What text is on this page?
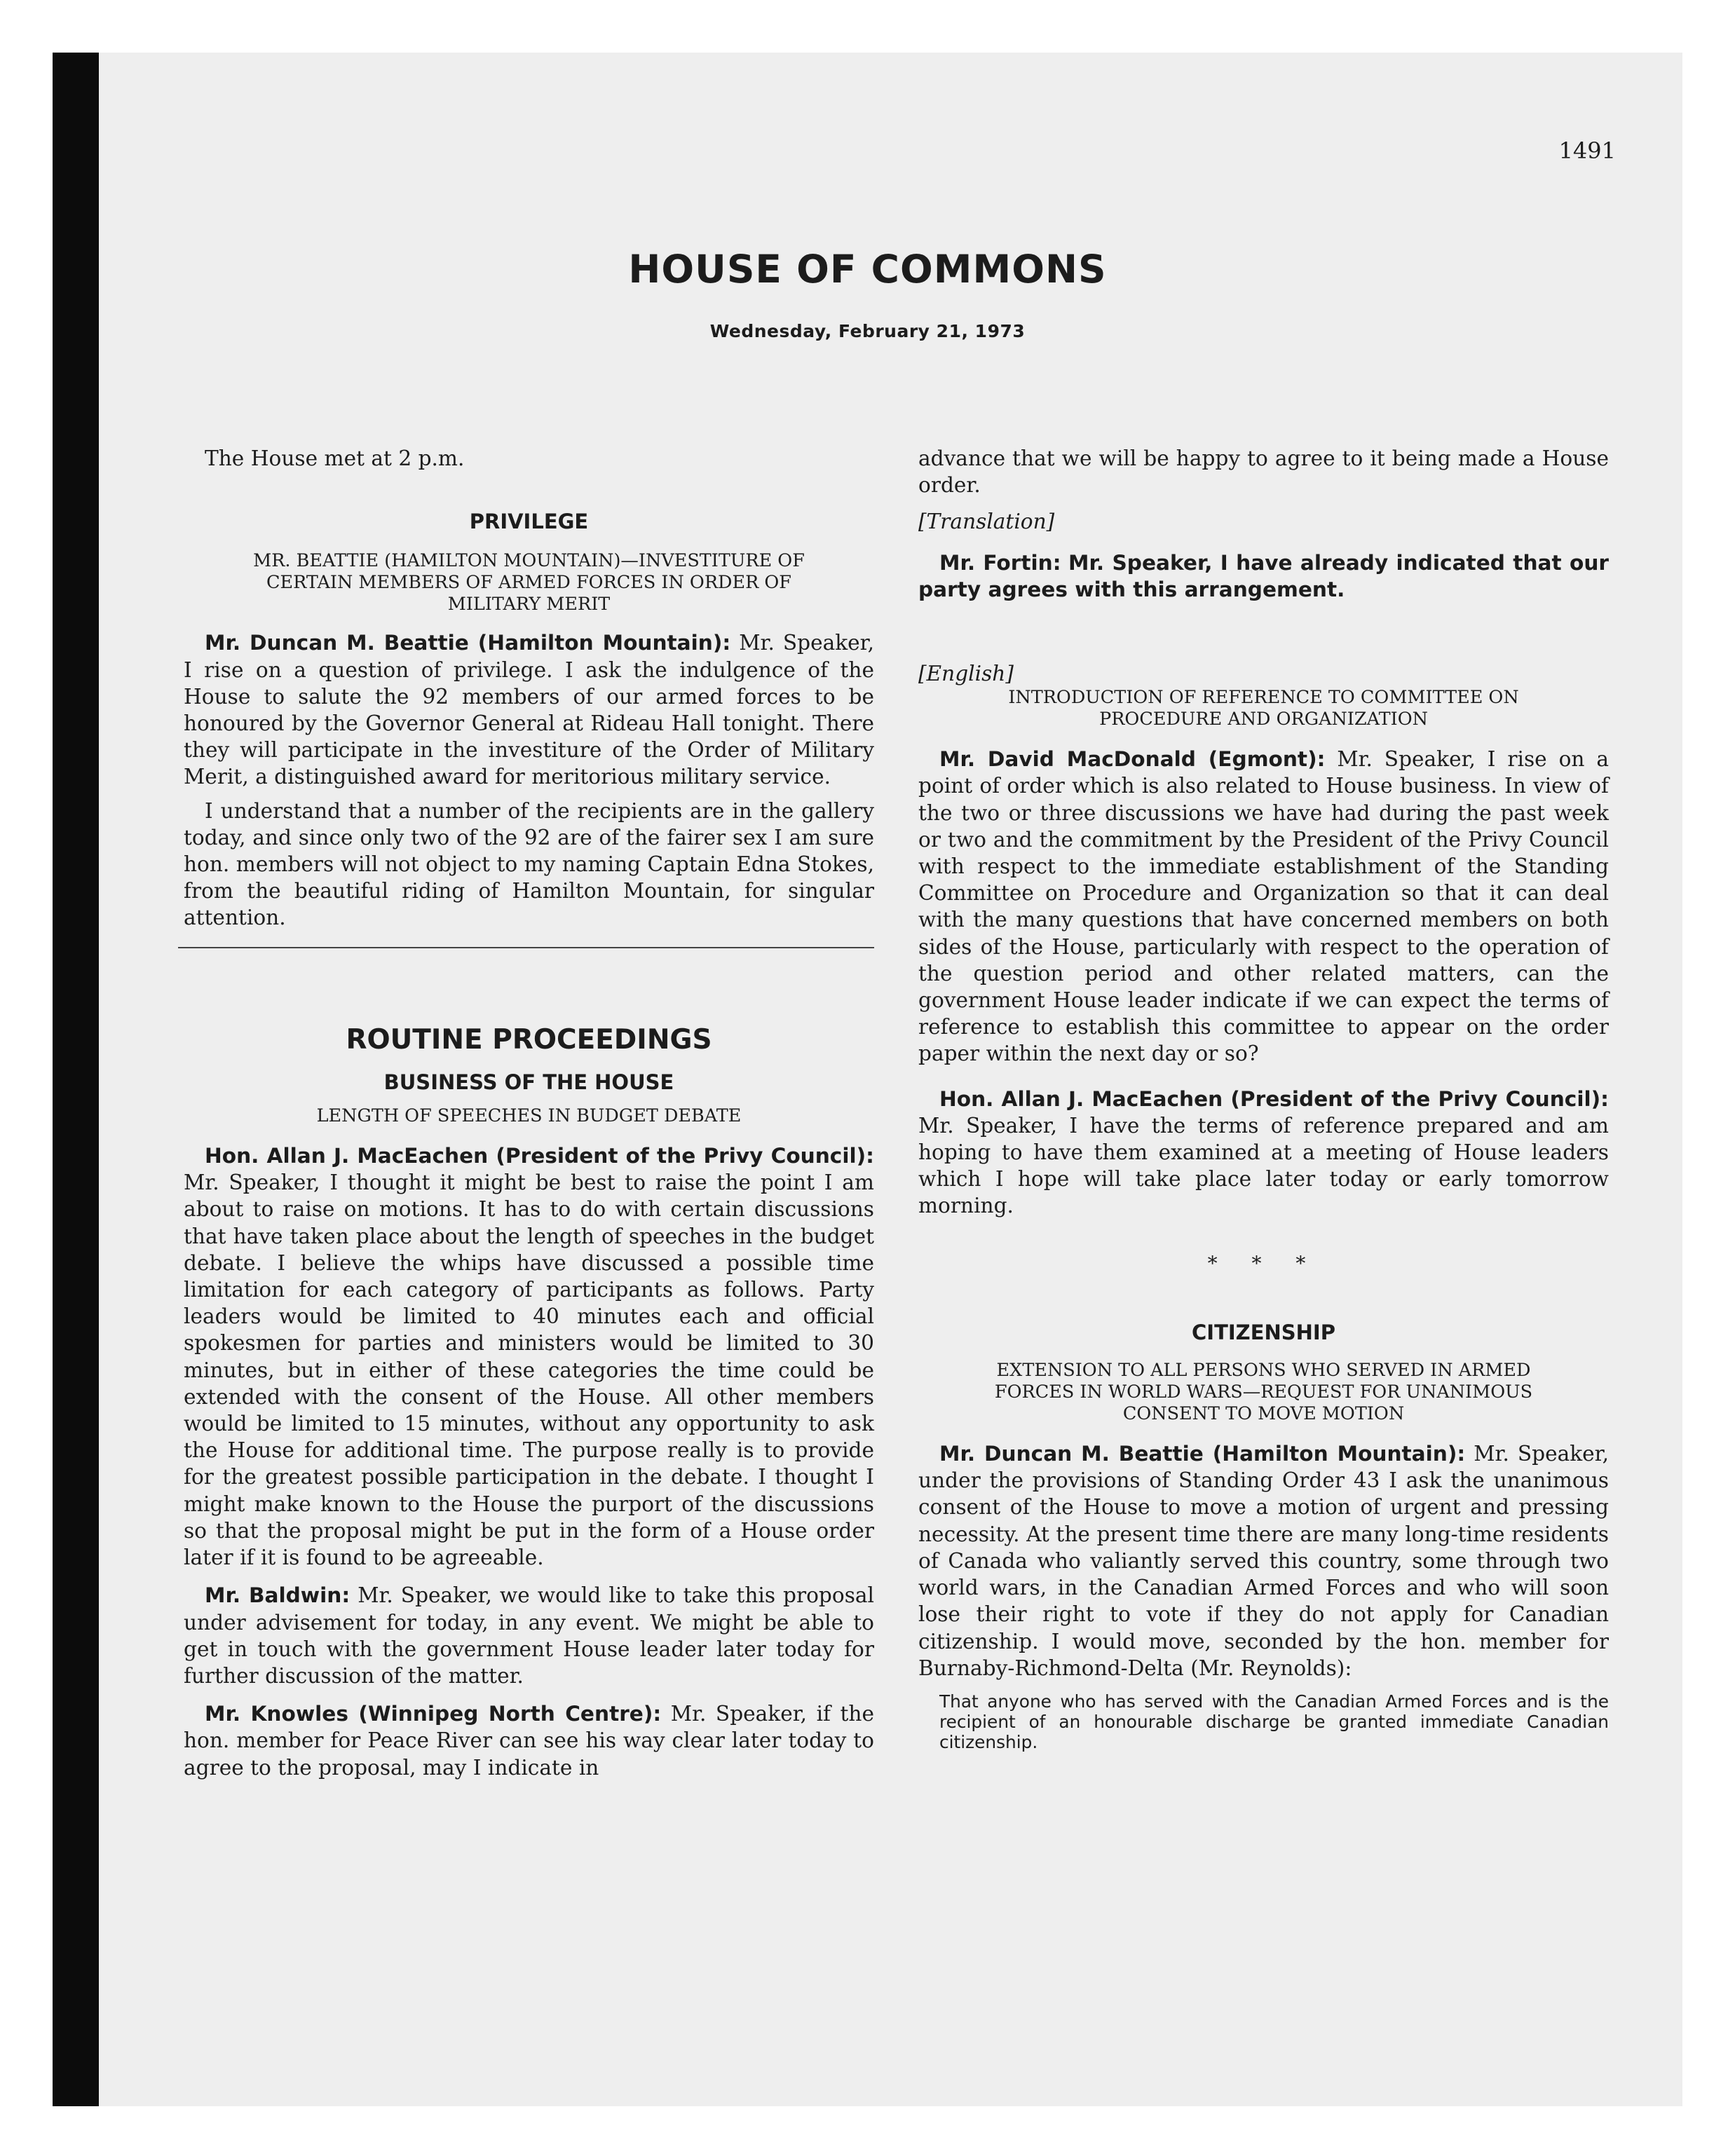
1491
HOUSE OF COMMONS
Wednesday, February 21, 1973

The House met at 2 p.m.

PRIVILEGE
MR. BEATTIE (HAMILTON MOUNTAIN)—INVESTITURE OF
CERTAIN MEMBERS OF ARMED FORCES IN ORDER OF
MILITARY MERIT

Mr. Duncan M. Beattie (Hamilton Mountain): Mr. Speaker, I rise on a question of privilege. I ask the indulgence of the House to salute the 92 members of our armed forces to be honoured by the Governor General at Rideau Hall tonight. There they will participate in the investiture of the Order of Military Merit, a distinguished award for meritorious military service.

I understand that a number of the recipients are in the gallery today, and since only two of the 92 are of the fairer sex I am sure hon. members will not object to my naming Captain Edna Stokes, from the beautiful riding of Hamilton Mountain, for singular attention.

ROUTINE PROCEEDINGS
BUSINESS OF THE HOUSE
LENGTH OF SPEECHES IN BUDGET DEBATE

Hon. Allan J. MacEachen (President of the Privy Council): Mr. Speaker, I thought it might be best to raise the point I am about to raise on motions. It has to do with certain discussions that have taken place about the length of speeches in the budget debate. I believe the whips have discussed a possible time limitation for each category of participants as follows. Party leaders would be limited to 40 minutes each and official spokesmen for parties and ministers would be limited to 30 minutes, but in either of these categories the time could be extended with the consent of the House. All other members would be limited to 15 minutes, without any opportunity to ask the House for additional time. The purpose really is to provide for the greatest possible participation in the debate. I thought I might make known to the House the purport of the discussions so that the proposal might be put in the form of a House order later if it is found to be agreeable.

Mr. Baldwin: Mr. Speaker, we would like to take this proposal under advisement for today, in any event. We might be able to get in touch with the government House leader later today for further discussion of the matter.

Mr. Knowles (Winnipeg North Centre): Mr. Speaker, if the hon. member for Peace River can see his way clear later today to agree to the proposal, may I indicate in

advance that we will be happy to agree to it being made a House order.

[Translation]

Mr. Fortin: Mr. Speaker, I have already indicated that our party agrees with this arrangement.

[English]

INTRODUCTION OF REFERENCE TO COMMITTEE ON
PROCEDURE AND ORGANIZATION

Mr. David MacDonald (Egmont): Mr. Speaker, I rise on a point of order which is also related to House business. In view of the two or three discussions we have had during the past week or two and the commitment by the President of the Privy Council with respect to the immediate establishment of the Standing Committee on Procedure and Organization so that it can deal with the many questions that have concerned members on both sides of the House, particularly with respect to the operation of the question period and other related matters, can the government House leader indicate if we can expect the terms of reference to establish this committee to appear on the order paper within the next day or so?

Hon. Allan J. MacEachen (President of the Privy Council): Mr. Speaker, I have the terms of reference prepared and am hoping to have them examined at a meeting of House leaders which I hope will take place later today or early tomorrow morning.

* * *
CITIZENSHIP
EXTENSION TO ALL PERSONS WHO SERVED IN ARMED
FORCES IN WORLD WARS—REQUEST FOR UNANIMOUS
CONSENT TO MOVE MOTION

Mr. Duncan M. Beattie (Hamilton Mountain): Mr. Speaker, under the provisions of Standing Order 43 I ask the unanimous consent of the House to move a motion of urgent and pressing necessity. At the present time there are many long-time residents of Canada who valiantly served this country, some through two world wars, in the Canadian Armed Forces and who will soon lose their right to vote if they do not apply for Canadian citizenship. I would move, seconded by the hon. member for Burnaby-Richmond-Delta (Mr. Reynolds):

That anyone who has served with the Canadian Armed Forces and is the recipient of an honourable discharge be granted immediate Canadian citizenship.
